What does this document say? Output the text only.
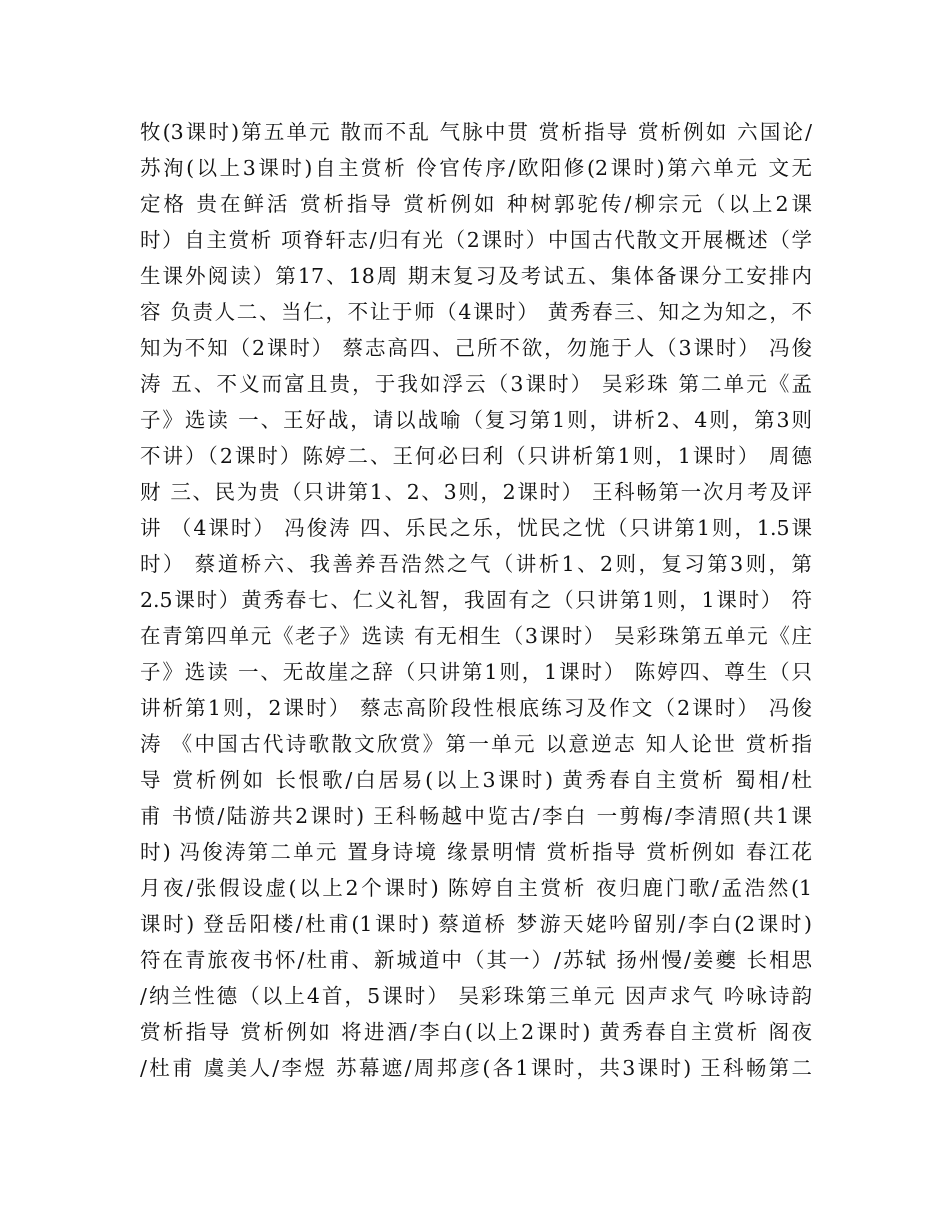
牧(3课时)第五单元 散而不乱 气脉中贯 赏析指导 赏析例如 六国论/
苏洵(以上3课时)自主赏析 伶官传序/欧阳修(2课时)第六单元 文无
定格 贵在鲜活 赏析指导 赏析例如 种树郭驼传/柳宗元（以上2课
时）自主赏析 项脊轩志/归有光（2课时）中国古代散文开展概述（学
生课外阅读）第17、18周 期末复习及考试五、集体备课分工安排内
容 负责人二、当仁，不让于师（4课时） 黄秀春三、知之为知之，不
知为不知（2课时） 蔡志高四、己所不欲，勿施于人（3课时） 冯俊
涛 五、不义而富且贵，于我如浮云（3课时） 吴彩珠 第二单元《孟
子》选读 一、王好战，请以战喻（复习第1则，讲析2、4则，第3则
不讲）（2课时）陈婷二、王何必曰利（只讲析第1则，1课时） 周德
财 三、民为贵（只讲第1、2、3则，2课时） 王科畅第一次月考及评
讲 （4课时） 冯俊涛 四、乐民之乐，忧民之忧（只讲第1则，1.5课
时） 蔡道桥六、我善养吾浩然之气（讲析1、2则，复习第3则，第
2.5课时）黄秀春七、仁义礼智，我固有之（只讲第1则，1课时） 符
在青第四单元《老子》选读 有无相生（3课时） 吴彩珠第五单元《庄
子》选读 一、无故崖之辞（只讲第1则，1课时） 陈婷四、尊生（只
讲析第1则，2课时） 蔡志高阶段性根底练习及作文（2课时） 冯俊
涛 《中国古代诗歌散文欣赏》第一单元 以意逆志 知人论世 赏析指
导 赏析例如 长恨歌/白居易(以上3课时) 黄秀春自主赏析 蜀相/杜
甫 书愤/陆游共2课时) 王科畅越中览古/李白 一剪梅/李清照(共1课
时) 冯俊涛第二单元 置身诗境 缘景明情 赏析指导 赏析例如 春江花
月夜/张假设虚(以上2个课时) 陈婷自主赏析 夜归鹿门歌/孟浩然(1
课时) 登岳阳楼/杜甫(1课时) 蔡道桥 梦游天姥吟留别/李白(2课时)
符在青旅夜书怀/杜甫、新城道中（其一）/苏轼 扬州慢/姜夔 长相思
/纳兰性德（以上4首，5课时） 吴彩珠第三单元 因声求气 吟咏诗韵
赏析指导 赏析例如 将进酒/李白(以上2课时) 黄秀春自主赏析 阁夜
/杜甫 虞美人/李煜 苏幕遮/周邦彦(各1课时，共3课时) 王科畅第二
